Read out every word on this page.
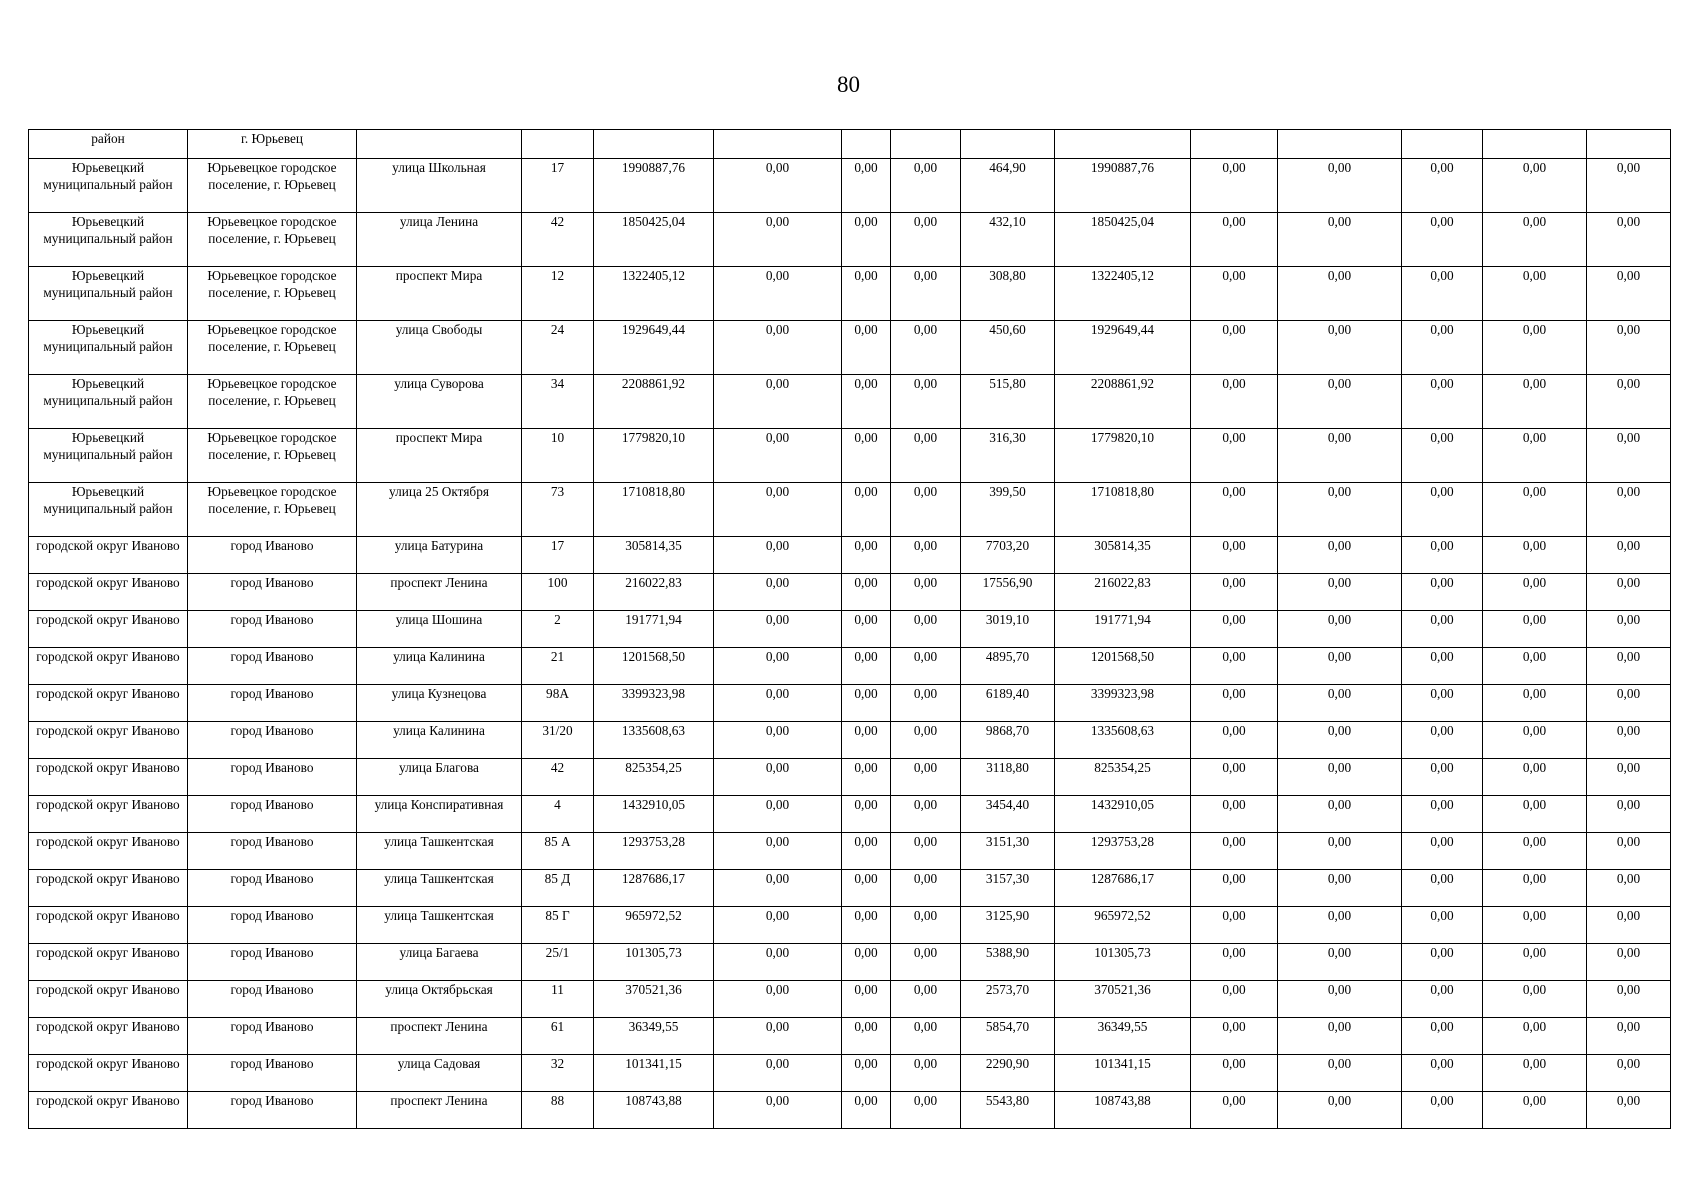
80
район	г. Юрьевец													
Юрьевецкий муниципальный район	Юрьевецкое городское поселение, г. Юрьевец	улица Школьная	17	1990887,76	0,00	0,00	0,00	464,90	1990887,76	0,00	0,00	0,00	0,00	0,00
Юрьевецкий муниципальный район	Юрьевецкое городское поселение, г. Юрьевец	улица Ленина	42	1850425,04	0,00	0,00	0,00	432,10	1850425,04	0,00	0,00	0,00	0,00	0,00
Юрьевецкий муниципальный район	Юрьевецкое городское поселение, г. Юрьевец	проспект Мира	12	1322405,12	0,00	0,00	0,00	308,80	1322405,12	0,00	0,00	0,00	0,00	0,00
Юрьевецкий муниципальный район	Юрьевецкое городское поселение, г. Юрьевец	улица Свободы	24	1929649,44	0,00	0,00	0,00	450,60	1929649,44	0,00	0,00	0,00	0,00	0,00
Юрьевецкий муниципальный район	Юрьевецкое городское поселение, г. Юрьевец	улица Суворова	34	2208861,92	0,00	0,00	0,00	515,80	2208861,92	0,00	0,00	0,00	0,00	0,00
Юрьевецкий муниципальный район	Юрьевецкое городское поселение, г. Юрьевец	проспект Мира	10	1779820,10	0,00	0,00	0,00	316,30	1779820,10	0,00	0,00	0,00	0,00	0,00
Юрьевецкий муниципальный район	Юрьевецкое городское поселение, г. Юрьевец	улица 25 Октября	73	1710818,80	0,00	0,00	0,00	399,50	1710818,80	0,00	0,00	0,00	0,00	0,00
городской округ Иваново	город Иваново	улица Батурина	17	305814,35	0,00	0,00	0,00	7703,20	305814,35	0,00	0,00	0,00	0,00	0,00
городской округ Иваново	город Иваново	проспект Ленина	100	216022,83	0,00	0,00	0,00	17556,90	216022,83	0,00	0,00	0,00	0,00	0,00
городской округ Иваново	город Иваново	улица Шошина	2	191771,94	0,00	0,00	0,00	3019,10	191771,94	0,00	0,00	0,00	0,00	0,00
городской округ Иваново	город Иваново	улица Калинина	21	1201568,50	0,00	0,00	0,00	4895,70	1201568,50	0,00	0,00	0,00	0,00	0,00
городской округ Иваново	город Иваново	улица Кузнецова	98А	3399323,98	0,00	0,00	0,00	6189,40	3399323,98	0,00	0,00	0,00	0,00	0,00
городской округ Иваново	город Иваново	улица Калинина	31/20	1335608,63	0,00	0,00	0,00	9868,70	1335608,63	0,00	0,00	0,00	0,00	0,00
городской округ Иваново	город Иваново	улица Благова	42	825354,25	0,00	0,00	0,00	3118,80	825354,25	0,00	0,00	0,00	0,00	0,00
городской округ Иваново	город Иваново	улица Конспиративная	4	1432910,05	0,00	0,00	0,00	3454,40	1432910,05	0,00	0,00	0,00	0,00	0,00
городской округ Иваново	город Иваново	улица Ташкентская	85 А	1293753,28	0,00	0,00	0,00	3151,30	1293753,28	0,00	0,00	0,00	0,00	0,00
городской округ Иваново	город Иваново	улица Ташкентская	85 Д	1287686,17	0,00	0,00	0,00	3157,30	1287686,17	0,00	0,00	0,00	0,00	0,00
городской округ Иваново	город Иваново	улица Ташкентская	85 Г	965972,52	0,00	0,00	0,00	3125,90	965972,52	0,00	0,00	0,00	0,00	0,00
городской округ Иваново	город Иваново	улица Багаева	25/1	101305,73	0,00	0,00	0,00	5388,90	101305,73	0,00	0,00	0,00	0,00	0,00
городской округ Иваново	город Иваново	улица Октябрьская	11	370521,36	0,00	0,00	0,00	2573,70	370521,36	0,00	0,00	0,00	0,00	0,00
городской округ Иваново	город Иваново	проспект Ленина	61	36349,55	0,00	0,00	0,00	5854,70	36349,55	0,00	0,00	0,00	0,00	0,00
городской округ Иваново	город Иваново	улица Садовая	32	101341,15	0,00	0,00	0,00	2290,90	101341,15	0,00	0,00	0,00	0,00	0,00
городской округ Иваново	город Иваново	проспект Ленина	88	108743,88	0,00	0,00	0,00	5543,80	108743,88	0,00	0,00	0,00	0,00	0,00
